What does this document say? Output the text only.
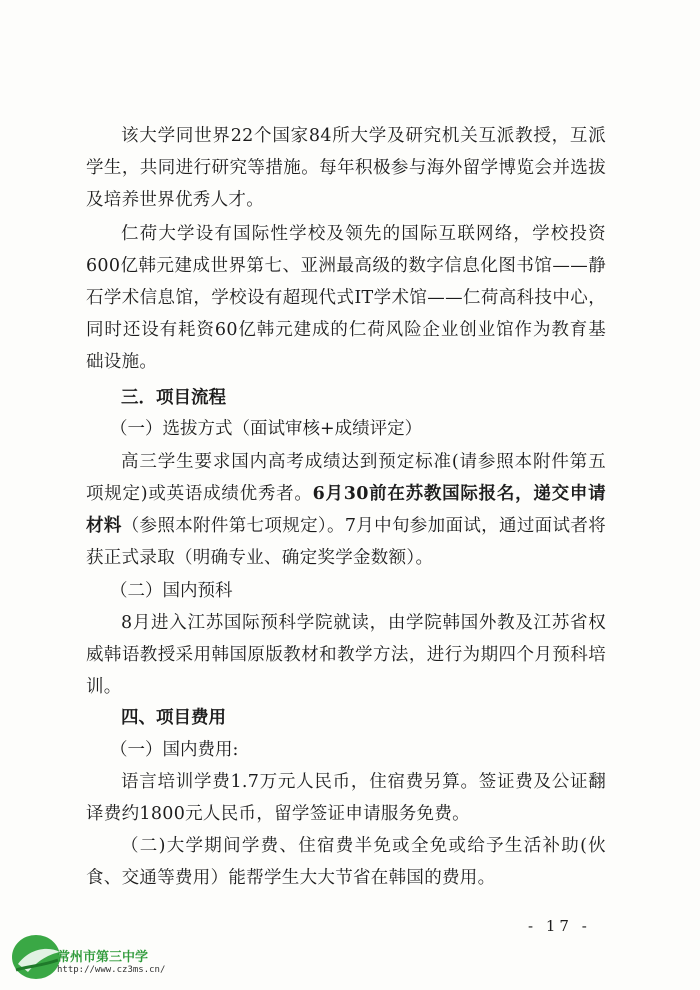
该大学同世界22个国家84所大学及研究机关互派教授，互派学生，共同进行研究等措施。每年积极参与海外留学博览会并选拔及培养世界优秀人才。

仁荷大学设有国际性学校及领先的国际互联网络，学校投资600亿韩元建成世界第七、亚洲最高级的数字信息化图书馆——静石学术信息馆，学校设有超现代式IT学术馆——仁荷高科技中心，同时还设有耗资60亿韩元建成的仁荷风险企业创业馆作为教育基础设施。

三．项目流程

（一）选拔方式（面试审核+成绩评定）

高三学生要求国内高考成绩达到预定标准(请参照本附件第五项规定)或英语成绩优秀者。6月30前在苏教国际报名，递交申请材料（参照本附件第七项规定）。7月中旬参加面试，通过面试者将获正式录取（明确专业、确定奖学金数额）。

（二）国内预科

8月进入江苏国际预科学院就读，由学院韩国外教及江苏省权威韩语教授采用韩国原版教材和教学方法，进行为期四个月预科培训。

四、项目费用

（一）国内费用:

语言培训学费1.7万元人民币，住宿费另算。签证费及公证翻译费约1800元人民币，留学签证申请服务免费。

（二)大学期间学费、住宿费半免或全免或给予生活补助(伙食、交通等费用）能帮学生大大节省在韩国的费用。

- 17 -
常州市第三中学
http://www.cz3ms.cn/
